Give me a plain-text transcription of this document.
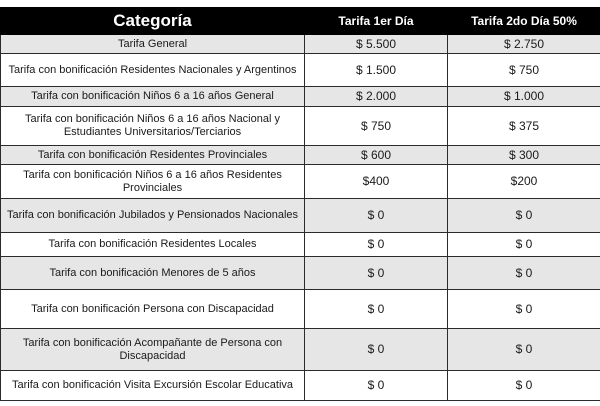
Categoría	Tarifa 1er Día	Tarifa 2do Día 50%
Tarifa General	$ 5.500	$ 2.750
Tarifa con bonificación Residentes Nacionales y Argentinos	$ 1.500	$ 750
Tarifa con bonificación Niños 6 a 16 años General	$ 2.000	$ 1.000
Tarifa con bonificación Niños 6 a 16 años Nacional y Estudiantes Universitarios/Terciarios	$ 750	$ 375
Tarifa con bonificación Residentes Provinciales	$ 600	$ 300
Tarifa con bonificación Niños 6 a 16 años Residentes Provinciales	$400	$200
Tarifa con bonificación Jubilados y Pensionados Nacionales	$ 0	$ 0
Tarifa con bonificación Residentes Locales	$ 0	$ 0
Tarifa con bonificación Menores de 5 años	$ 0	$ 0
Tarifa con bonificación Persona con Discapacidad	$ 0	$ 0
Tarifa con bonificación Acompañante de Persona con Discapacidad	$ 0	$ 0
Tarifa con bonificación Visita Excursión Escolar Educativa	$ 0	$ 0
